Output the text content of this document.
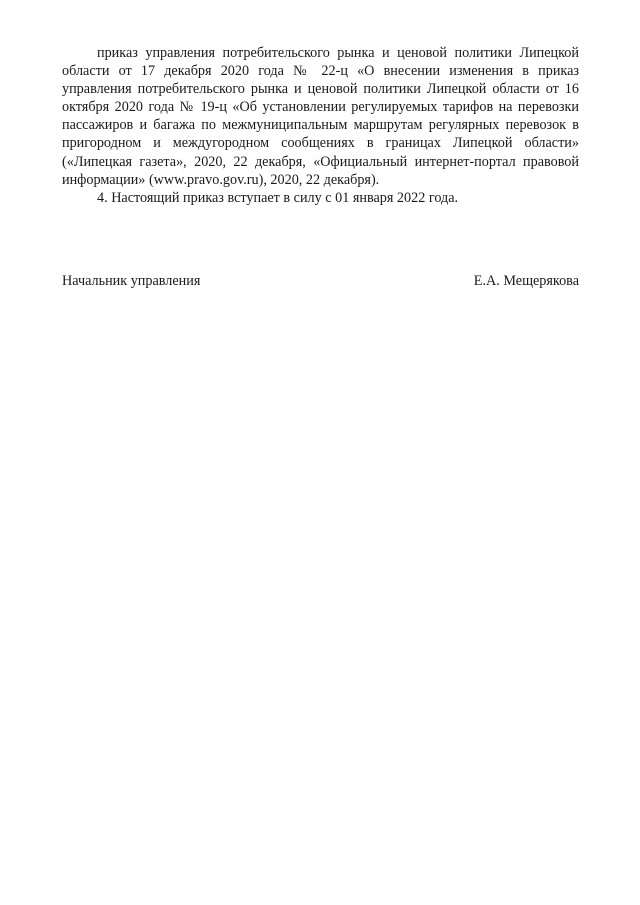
приказ управления потребительского рынка и ценовой политики Липецкой области от 17 декабря 2020 года № 22-ц «О внесении изменения в приказ управления потребительского рынка и ценовой политики Липецкой области от 16 октября 2020 года № 19-ц «Об установлении регулируемых тарифов на перевозки пассажиров и багажа по межмуниципальным маршрутам регулярных перевозок в пригородном и междугородном сообщениях в границах Липецкой области» («Липецкая газета», 2020, 22 декабря, «Официальный интернет-портал правовой информации» (www.pravo.gov.ru), 2020, 22 декабря).

4. Настоящий приказ вступает в силу с 01 января 2022 года.

Начальник управления	Е.А. Мещерякова
